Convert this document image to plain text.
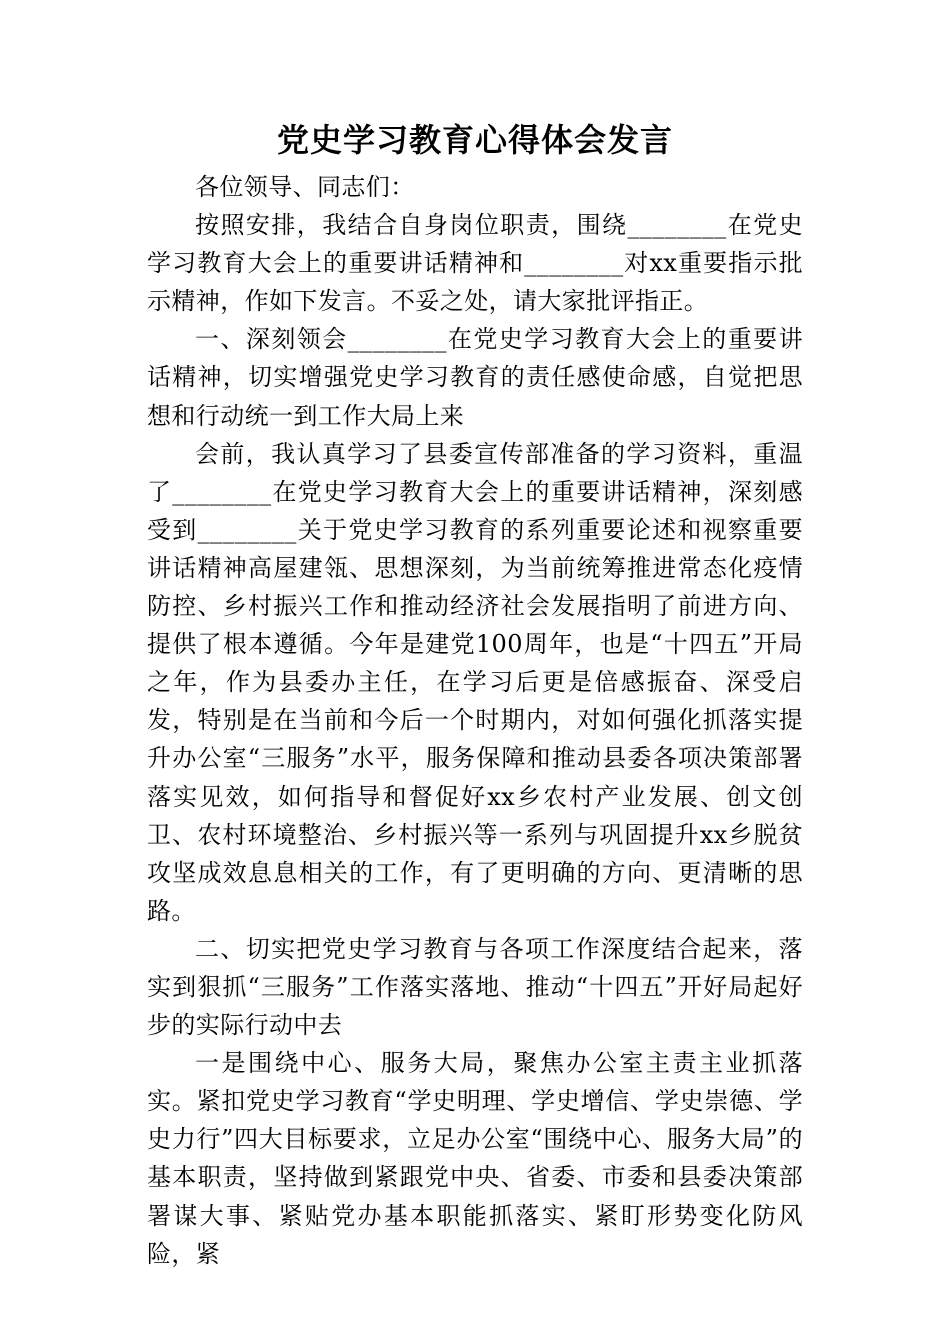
党史学习教育心得体会发言

各位领导、同志们：

按照安排，我结合自身岗位职责，围绕________在党史学习教育大会上的重要讲话精神和________对xx重要指示批示精神，作如下发言。不妥之处，请大家批评指正。

一、深刻领会________在党史学习教育大会上的重要讲话精神，切实增强党史学习教育的责任感使命感，自觉把思想和行动统一到工作大局上来

会前，我认真学习了县委宣传部准备的学习资料，重温了________在党史学习教育大会上的重要讲话精神，深刻感受到________关于党史学习教育的系列重要论述和视察重要讲话精神高屋建瓴、思想深刻，为当前统筹推进常态化疫情防控、乡村振兴工作和推动经济社会发展指明了前进方向、提供了根本遵循。今年是建党100周年，也是“十四五”开局之年，作为县委办主任，在学习后更是倍感振奋、深受启发，特别是在当前和今后一个时期内，对如何强化抓落实提升办公室“三服务”水平，服务保障和推动县委各项决策部署落实见效，如何指导和督促好xx乡农村产业发展、创文创卫、农村环境整治、乡村振兴等一系列与巩固提升xx乡脱贫攻坚成效息息相关的工作，有了更明确的方向、更清晰的思路。

二、切实把党史学习教育与各项工作深度结合起来，落实到狠抓“三服务”工作落实落地、推动“十四五”开好局起好步的实际行动中去

一是围绕中心、服务大局，聚焦办公室主责主业抓落实。紧扣党史学习教育“学史明理、学史增信、学史崇德、学史力行”四大目标要求，立足办公室“围绕中心、服务大局”的基本职责，坚持做到紧跟党中央、省委、市委和县委决策部署谋大事、紧贴党办基本职能抓落实、紧盯形势变化防风险，紧
